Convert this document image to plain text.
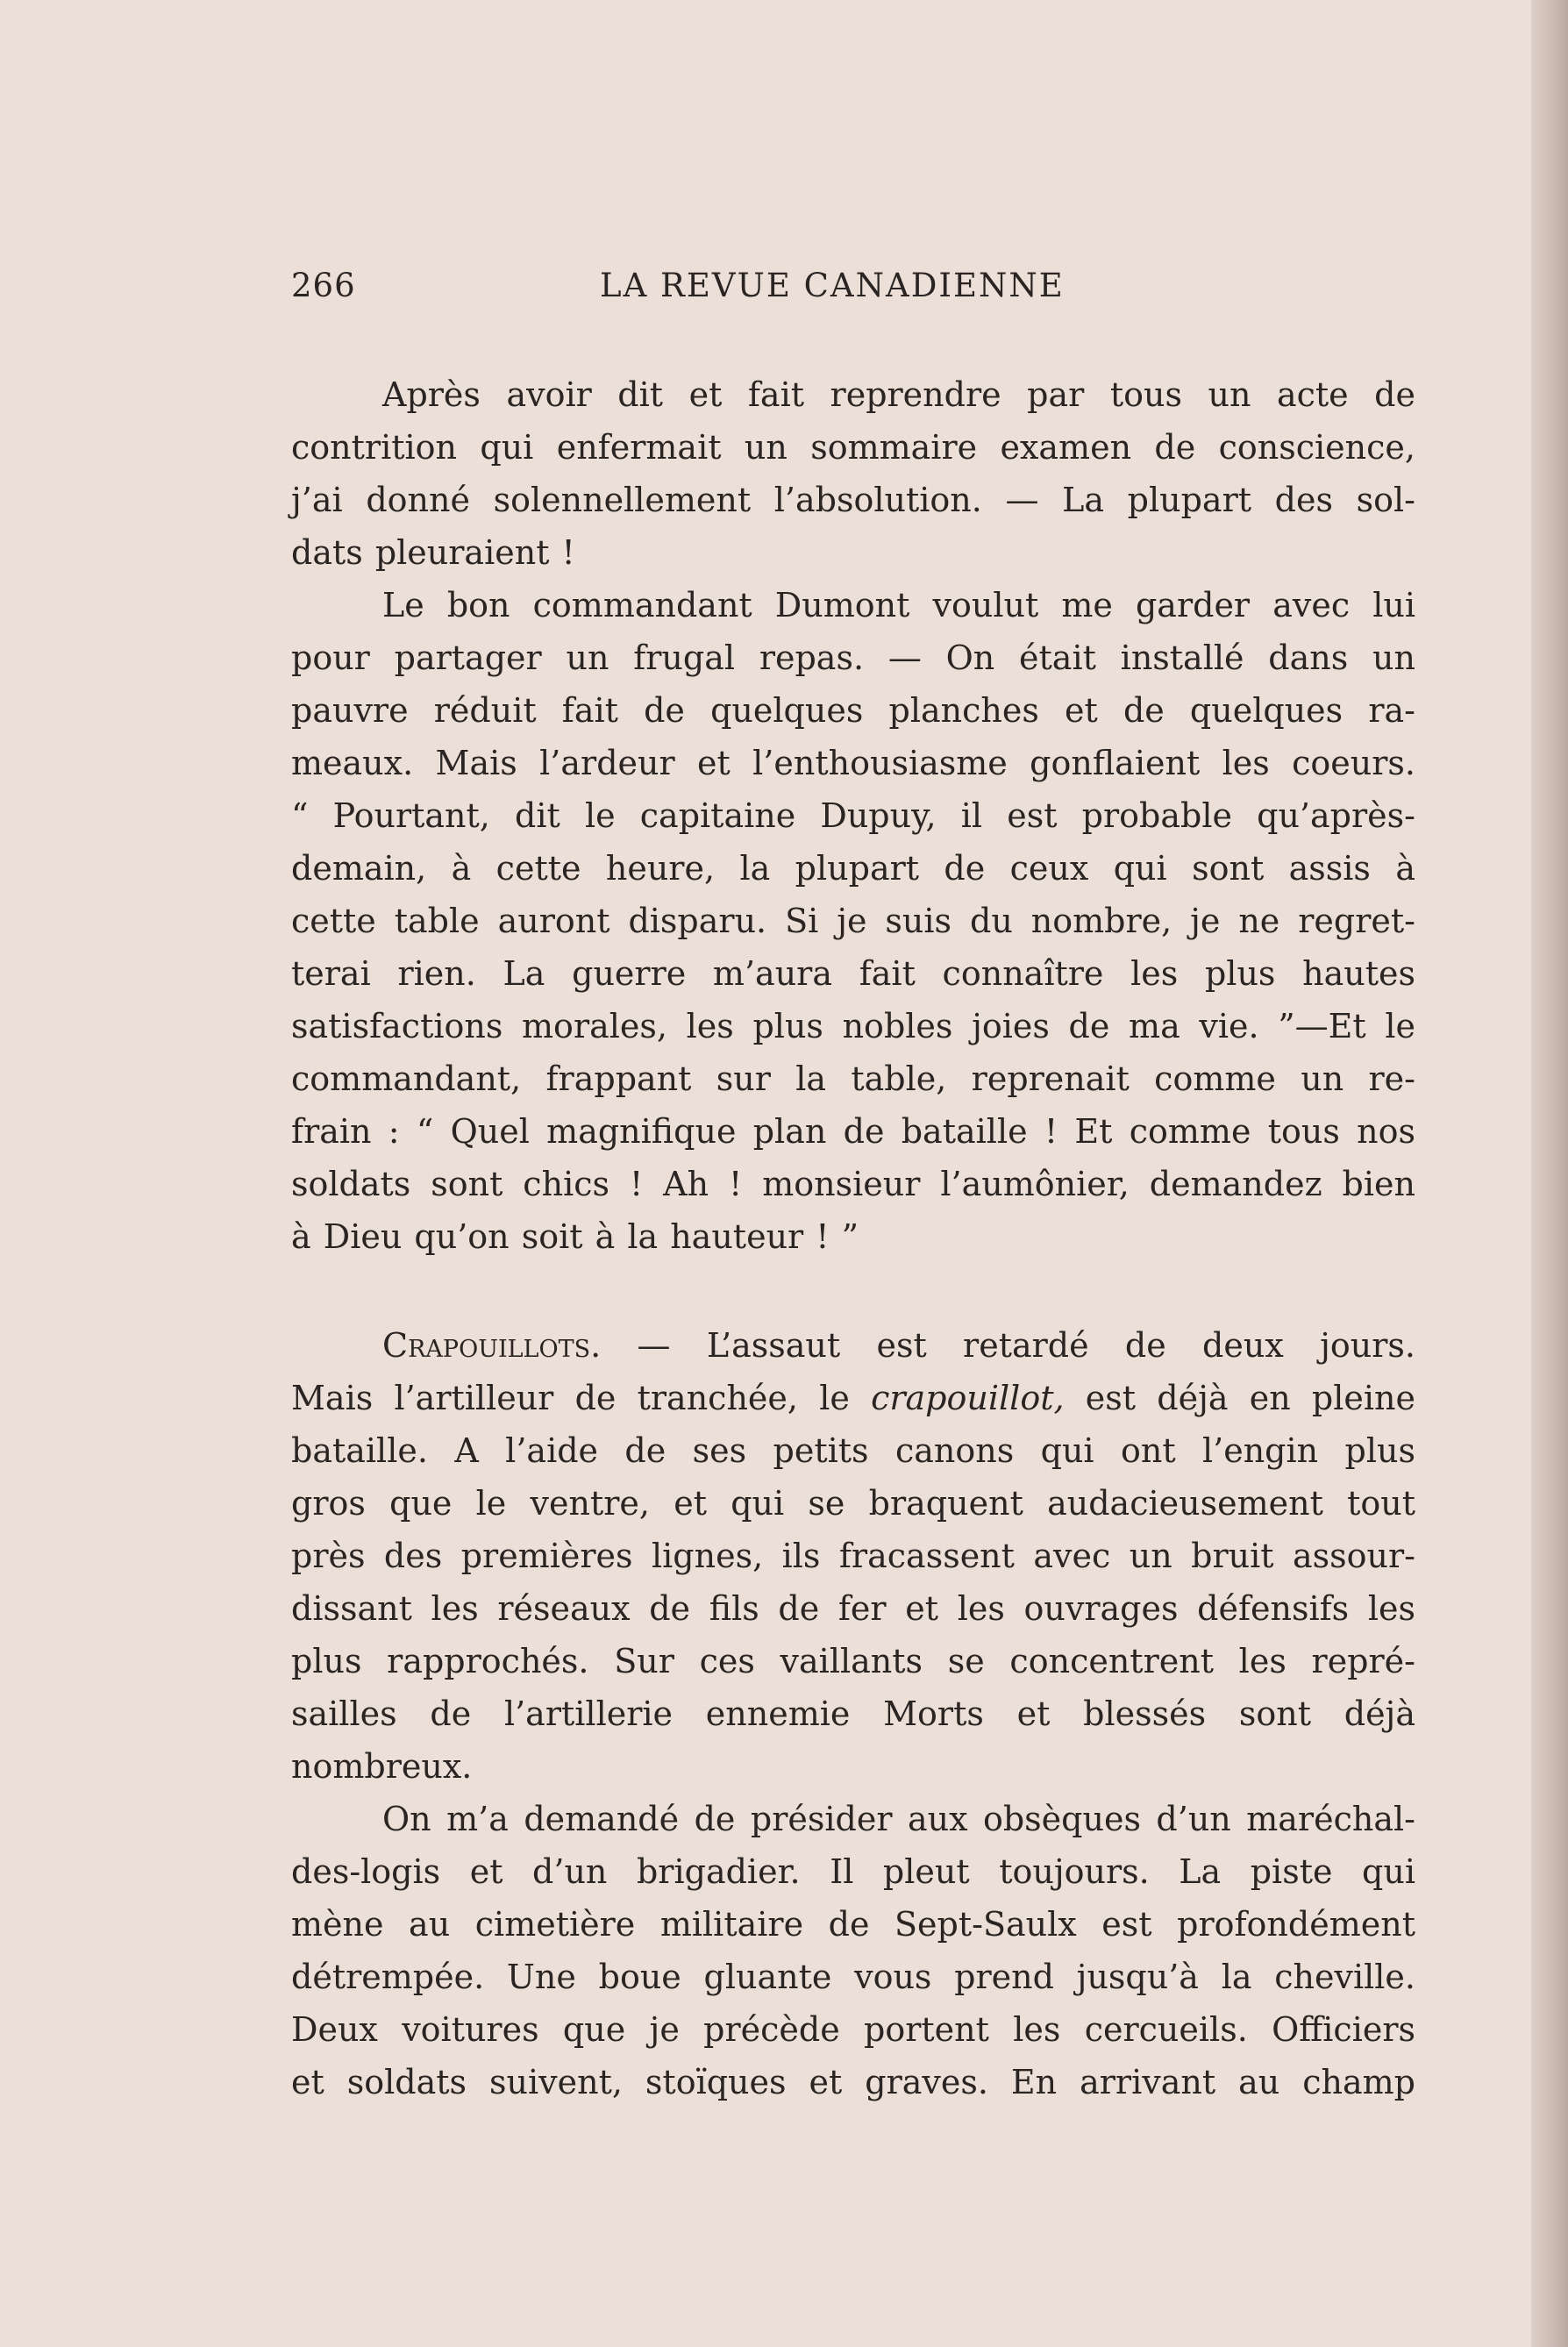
266	LA REVUE CANADIENNE
Après avoir dit et fait reprendre par tous un acte de
contrition qui enfermait un sommaire examen de conscience,
j’ai donné solennellement l’absolution. — La plupart des sol-
dats pleuraient !
Le bon commandant Dumont voulut me garder avec lui
pour partager un frugal repas. — On était installé dans un
pauvre réduit fait de quelques planches et de quelques ra-
meaux. Mais l’ardeur et l’enthousiasme gonflaient les coeurs.
“ Pourtant, dit le capitaine Dupuy, il est probable qu’après-
demain, à cette heure, la plupart de ceux qui sont assis à
cette table auront disparu. Si je suis du nombre, je ne regret-
terai rien. La guerre m’aura fait connaître les plus hautes
satisfactions morales, les plus nobles joies de ma vie. ”—Et le
commandant, frappant sur la table, reprenait comme un re-
frain : “ Quel magnifique plan de bataille ! Et comme tous nos
soldats sont chics ! Ah ! monsieur l’aumônier, demandez bien
à Dieu qu’on soit à la hauteur ! ”
Crapouillots. — L’assaut est retardé de deux jours.
Mais l’artilleur de tranchée, le crapouillot, est déjà en pleine
bataille. A l’aide de ses petits canons qui ont l’engin plus
gros que le ventre, et qui se braquent audacieusement tout
près des premières lignes, ils fracassent avec un bruit assour-
dissant les réseaux de fils de fer et les ouvrages défensifs les
plus rapprochés. Sur ces vaillants se concentrent les repré-
sailles de l’artillerie ennemie Morts et blessés sont déjà
nombreux.
On m’a demandé de présider aux obsèques d’un maréchal-
des-logis et d’un brigadier. Il pleut toujours. La piste qui
mène au cimetière militaire de Sept-Saulx est profondément
détrempée. Une boue gluante vous prend jusqu’à la cheville.
Deux voitures que je précède portent les cercueils. Officiers
et soldats suivent, stoïques et graves. En arrivant au champ
